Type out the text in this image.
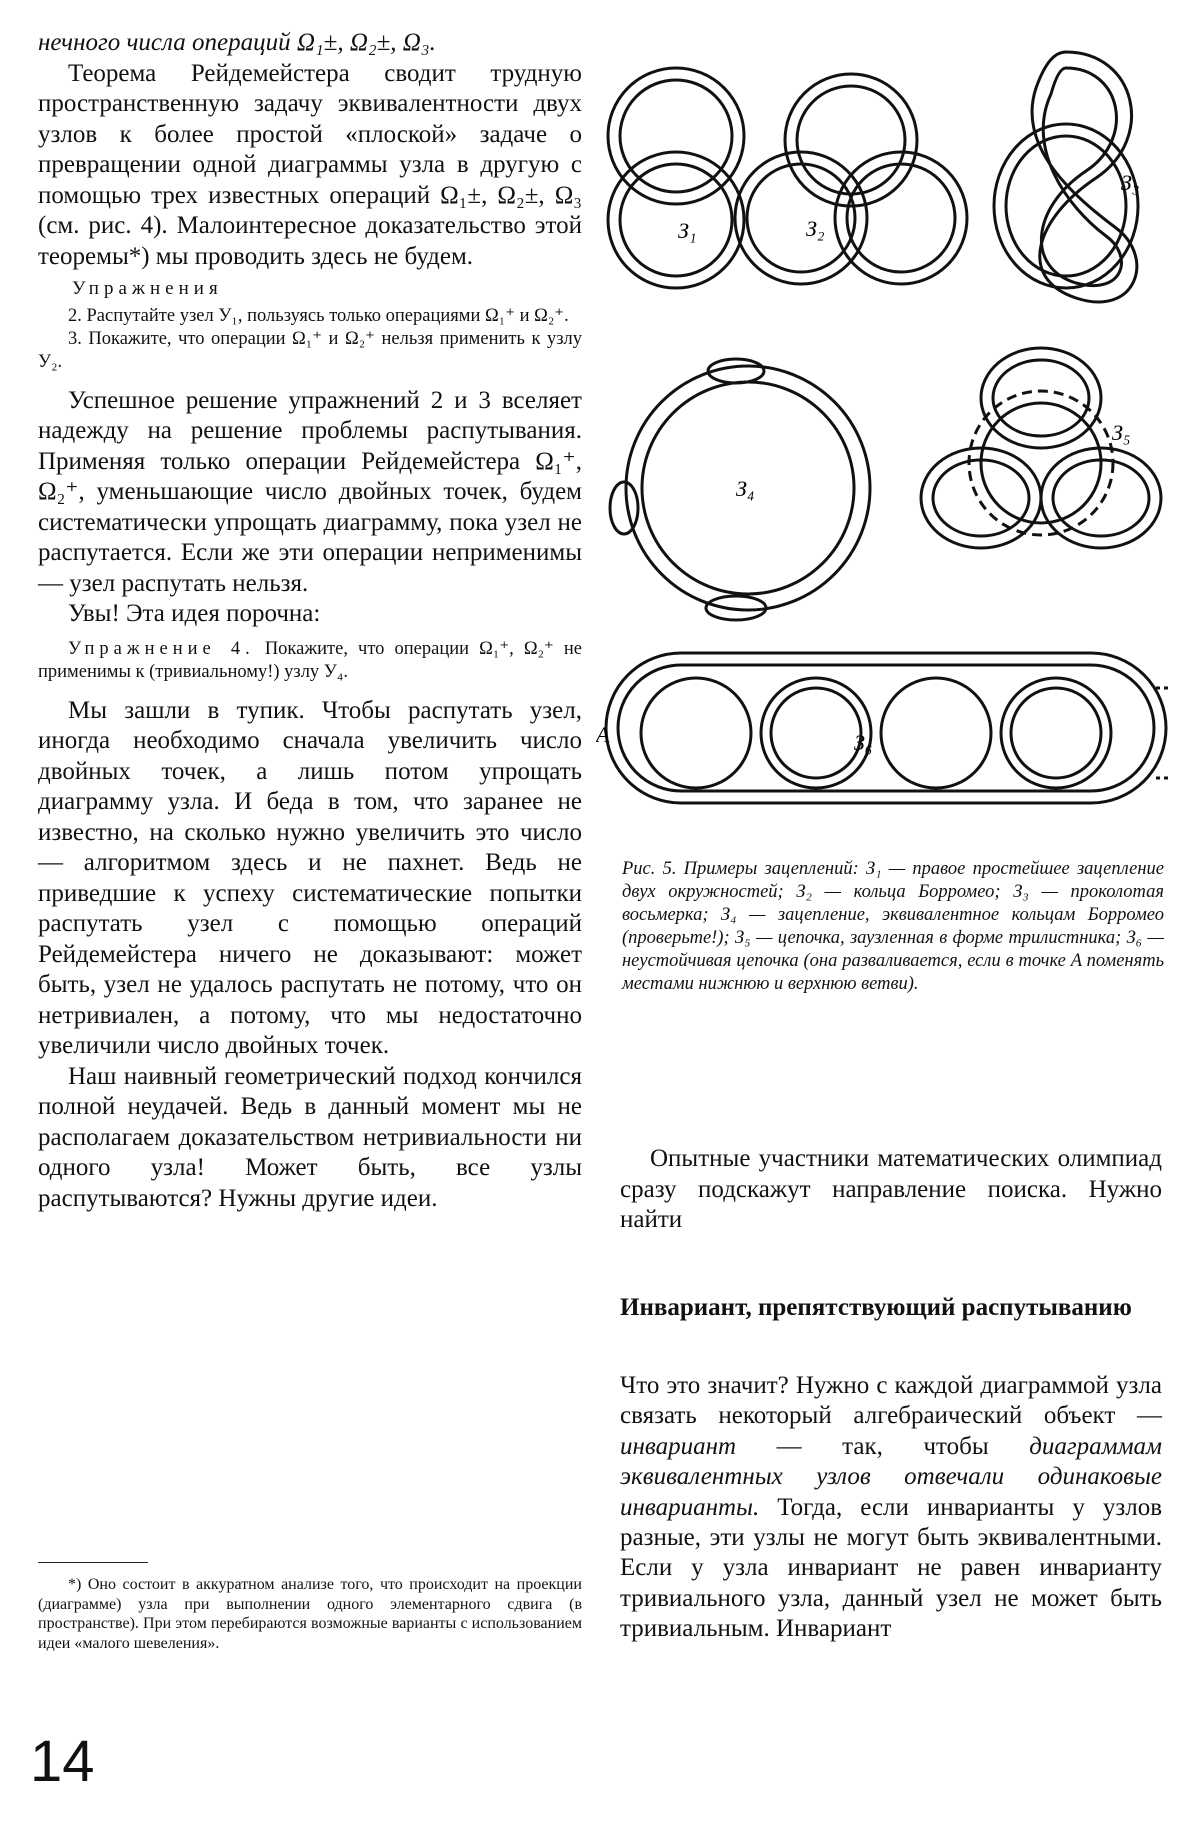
нечного числа операций Ω₁±, Ω₂±, Ω₃.

Теорема Рейдемейстера сводит трудную пространственную задачу эквивалентности двух узлов к более простой «плоской» задаче о превращении одной диаграммы узла в другую с помощью трех известных операций Ω₁±, Ω₂±, Ω₃ (см. рис. 4). Малоинтересное доказательство этой теоремы*) мы проводить здесь не будем.

Упражнения

2. Распутайте узел У₁, пользуясь только операциями Ω₁⁺ и Ω₂⁺.

3. Покажите, что операции Ω₁⁺ и Ω₂⁺ нельзя применить к узлу У₂.

Успешное решение упражнений 2 и 3 вселяет надежду на решение проблемы распутывания. Применяя только операции Рейдемейстера Ω₁⁺, Ω₂⁺, уменьшающие число двойных точек, будем систематически упрощать диаграмму, пока узел не распутается. Если же эти операции неприменимы — узел распутать нельзя.

Увы! Эта идея порочна:

Упражнение 4. Покажите, что операции Ω₁⁺, Ω₂⁺ не применимы к (тривиальному!) узлу У₄.

Мы зашли в тупик. Чтобы распутать узел, иногда необходимо сначала увеличить число двойных точек, а лишь потом упрощать диаграмму узла. И беда в том, что заранее не известно, на сколько нужно увеличить это число — алгоритмом здесь и не пахнет. Ведь не приведшие к успеху систематические попытки распутать узел с помощью операций Рейдемейстера ничего не доказывают: может быть, узел не удалось распутать не потому, что он нетривиален, а потому, что мы недостаточно увеличили число двойных точек.

Наш наивный геометрический подход кончился полной неудачей. Ведь в данный момент мы не располагаем доказательством нетривиальности ни одного узла! Может быть, все узлы распутываются? Нужны другие идеи.

*) Оно состоит в аккуратном анализе того, что происходит на проекции (диаграмме) узла при выполнении одного элементарного сдвига (в пространстве). При этом перебираются возможные варианты с использованием идеи «малого шевеления».

14
З₁	З₂
З₃
З₄
З₅
З₆
A

Рис. 5. Примеры зацеплений: З₁ — правое простейшее зацепление двух окружностей; З₂ — кольца Борромео; З₃ — проколотая восьмерка; З₄ — зацепление, эквивалентное кольцам Борромео (проверьте!); З₅ — цепочка, заузленная в форме трилистника; З₆ — неустойчивая цепочка (она разваливается, если в точке A поменять местами нижнюю и верхнюю ветви).

Опытные участники математических олимпиад сразу подскажут направление поиска. Нужно найти

Инвариант, препятствующий распутыванию

Что это значит? Нужно с каждой диаграммой узла связать некоторый алгебраический объект — инвариант — так, чтобы диаграммам эквивалентных узлов отвечали одинаковые инварианты. Тогда, если инварианты у узлов разные, эти узлы не могут быть эквивалентными. Если у узла инвариант не равен инварианту тривиального узла, данный узел не может быть тривиальным. Инвариант
